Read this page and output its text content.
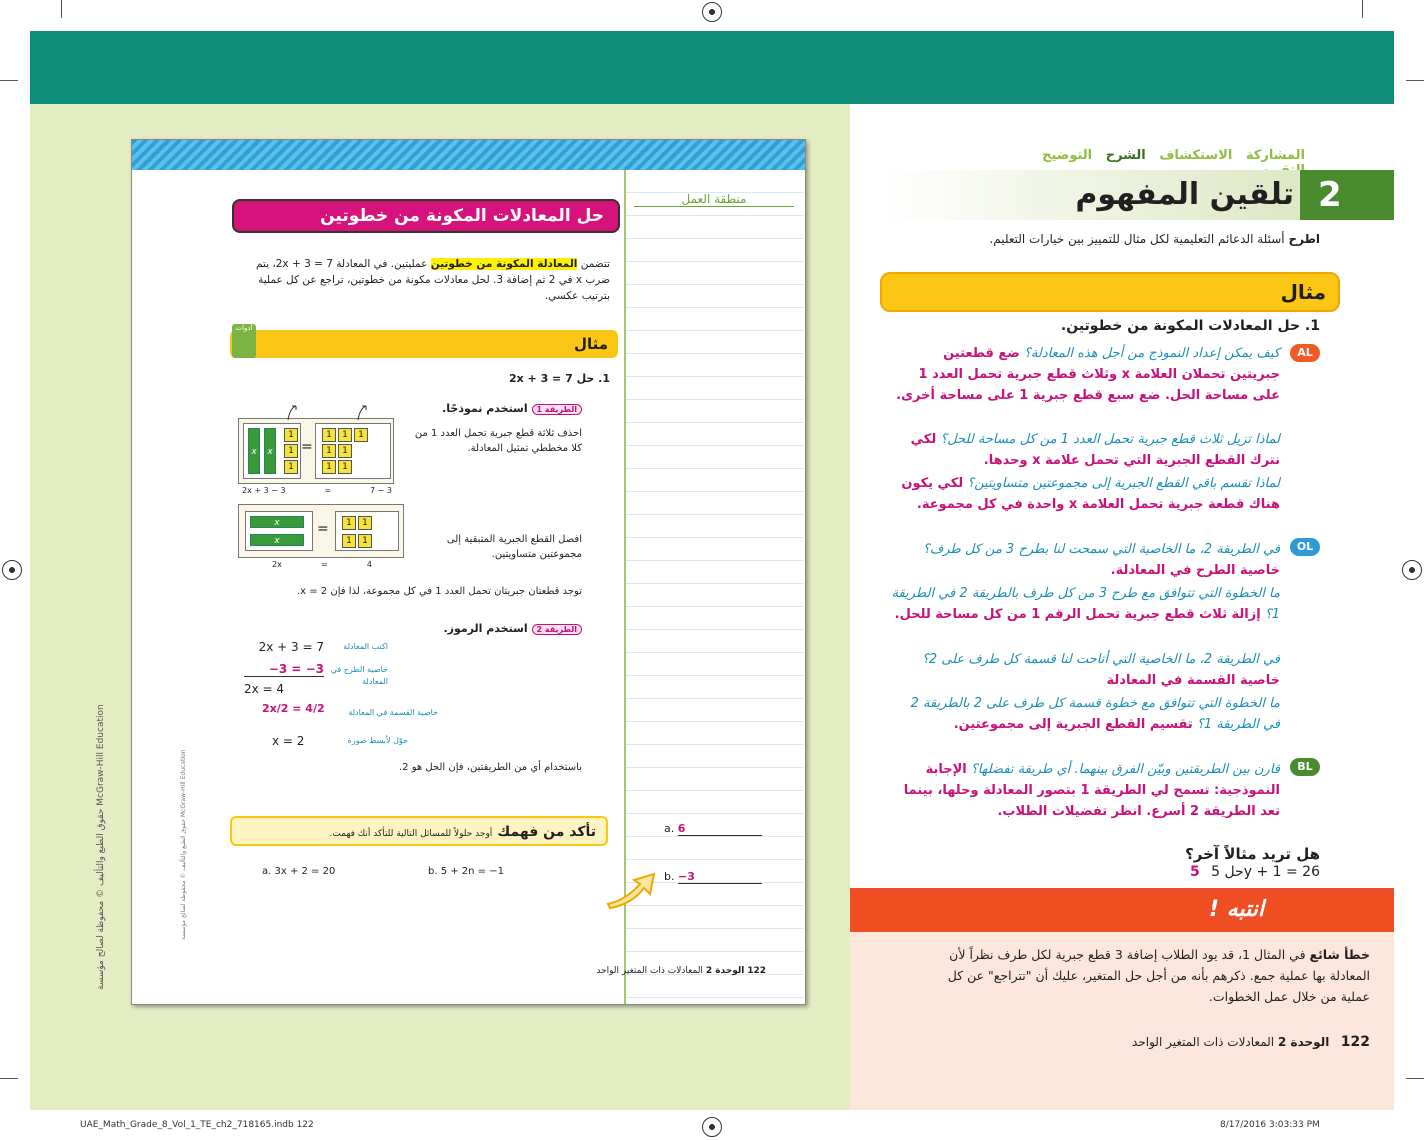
حقوق الطبع والتأليف © محفوظة لصالح مؤسسة McGraw-Hill Education
منطقة العمل
a. 6
b. −3
حل المعادلات المكونة من خطوتين
تتضمن المعادلة المكونة من خطوتين عمليتين. في المعادلة 2x + 3 = 7، يتم ضرب x في 2 ثم إضافة 3. لحل معادلات مكونة من خطوتين، تراجع عن كل عملية بترتيب عكسي.
مثال
أدوات
1. حل 2x + 3 = 7
الطريقة 1 استخدم نموذجًا.
احذف ثلاثة قطع جبرية تحمل العدد 1 من كلا مخططي تمثيل المعادلة.
x	x
1
1
1
=
1	1	1
1	1
1	1
2x + 3 − 3	=	7 − 3
افصل القطع الجبرية المتبقية إلى مجموعتين متساويتين.
x
x
=	1	1
1	1
2x	=	4
توجد قطعتان جبريتان تحمل العدد 1 في كل مجموعة، لذا فإن x = 2.
الطريقة 2 استخدم الرموز.
2x + 3 = 7	اكتب المعادلة
−3 = −3 خاصية الطرح في المعادلة
2x = 4
2x/2 = 4/2	خاصية القسمة في المعادلة
x = 2	حوّل لأبسط صورة
باستخدام أي من الطريقتين، فإن الحل هو 2.
تأكد من فهمك أوجد حلولاً للمسائل التالية للتأكد أنك فهمت.
a. 3x + 2 = 20	b. 5 + 2n = −1
حقوق الطبع والتأليف © محفوظة لصالح مؤسسة McGraw-Hill Education
122 الوحدة 2 المعادلات ذات المتغير الواحد
المشاركة   الاستكشاف   الشرح   التوضيح
تلقين المفهوم 2
اطرح أسئلة الدعائم التعليمية لكل مثال للتمييز بين خيارات التعليم.
مثال
1. حل المعادلات المكونة من خطوتين.
AL
OL
BL
كيف يمكن إعداد النموذج من أجل هذه المعادلة؟ ضع قطعتين جبريتين تحملان العلامة x وثلاث قطع جبرية تحمل العدد 1 على مساحة الحل. ضع سبع قطع جبرية 1 على مساحة أخرى.
لماذا تزيل ثلاث قطع جبرية تحمل العدد 1 من كل مساحة للحل؟ لكي نترك القطع الجبرية التي تحمل علامة x وحدها.
لماذا تقسم باقي القطع الجبرية إلى مجموعتين متساويتين؟ لكي يكون هناك قطعة جبرية تحمل العلامة x واحدة في كل مجموعة.
في الطريقة 2، ما الخاصية التي سمحت لنا بطرح 3 من كل طرف؟ خاصية الطرح في المعادلة.
ما الخطوة التي تتوافق مع طرح 3 من كل طرف بالطريقة 2 في الطريقة 1؟ إزالة ثلاث قطع جبرية تحمل الرقم 1 من كل مساحة للحل.
في الطريقة 2، ما الخاصية التي أتاحت لنا قسمة كل طرف على 2؟ خاصية القسمة في المعادلة
ما الخطوة التي تتوافق مع خطوة قسمة كل طرف على 2 بالطريقة 2 في الطريقة 1؟ تقسيم القطع الجبرية إلى مجموعتين.
قارن بين الطريقتين وبيّن الفرق بينهما. أي طريقة تفضلها؟ الإجابة النموذجية: تسمح لي الطريقة 1 بتصور المعادلة وحلها، بينما تعد الطريقة 2 أسرع. انظر تفضيلات الطلاب.
هل تريد مثالاً آخر؟
5 حل 5y + 1 = 26
انتبه !
خطأ شائع في المثال 1، قد يود الطلاب إضافة 3 قطع جبرية لكل طرف نظراً لأن المعادلة بها عملية جمع. ذكرهم بأنه من أجل حل المتغير، عليك أن "تتراجع" عن كل عملية من خلال عمل الخطوات.
122   الوحدة 2 المعادلات ذات المتغير الواحد
UAE_Math_Grade_8_Vol_1_TE_ch2_718165.indb 122	8/17/2016 3:03:33 PM
